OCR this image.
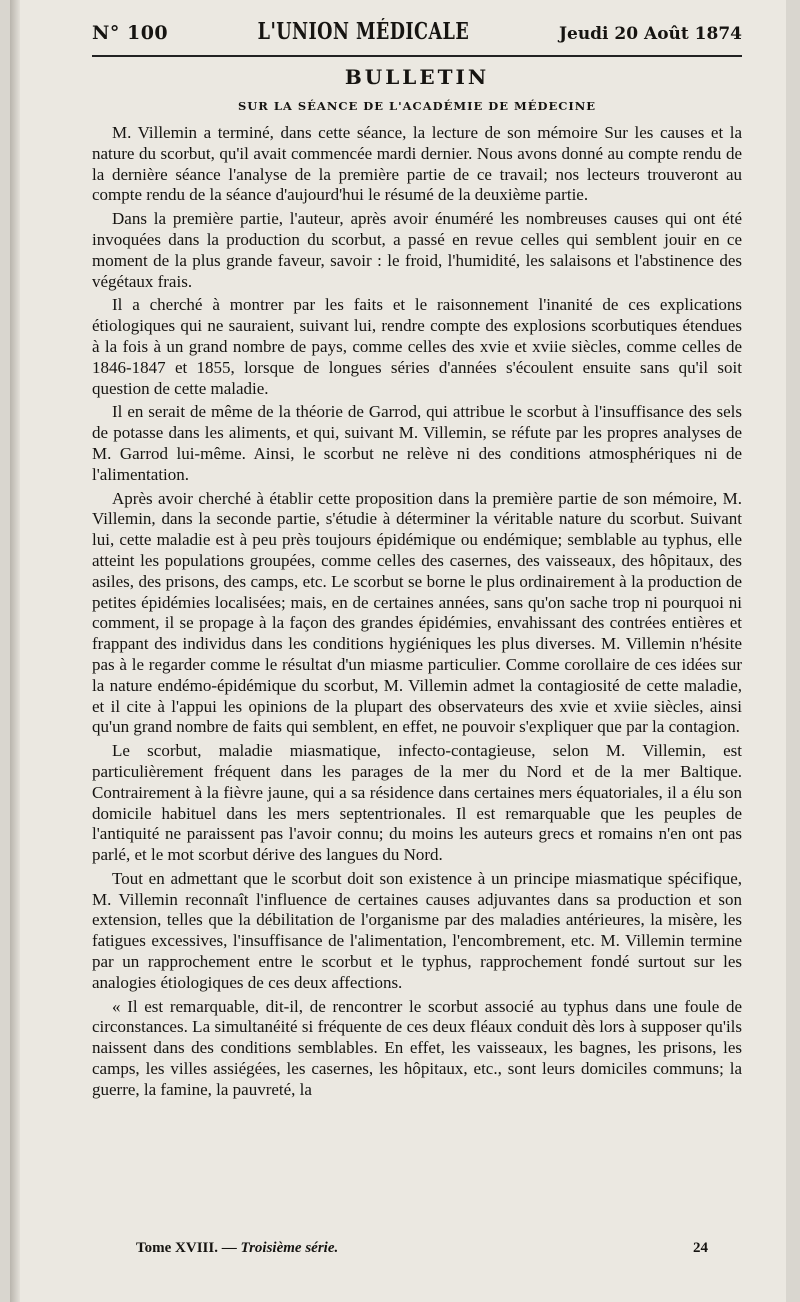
N° 100	L'UNION MÉDICALE	Jeudi 20 Août 1874
BULLETIN
SUR LA SÉANCE DE L'ACADÉMIE DE MÉDECINE

M. Villemin a terminé, dans cette séance, la lecture de son mémoire Sur les causes et la nature du scorbut, qu'il avait commencée mardi dernier. Nous avons donné au compte rendu de la dernière séance l'analyse de la première partie de ce travail; nos lecteurs trouveront au compte rendu de la séance d'aujourd'hui le résumé de la deuxième partie.

Dans la première partie, l'auteur, après avoir énuméré les nombreuses causes qui ont été invoquées dans la production du scorbut, a passé en revue celles qui semblent jouir en ce moment de la plus grande faveur, savoir : le froid, l'humidité, les salaisons et l'abstinence des végétaux frais.

Il a cherché à montrer par les faits et le raisonnement l'inanité de ces explications étiologiques qui ne sauraient, suivant lui, rendre compte des explosions scorbutiques étendues à la fois à un grand nombre de pays, comme celles des xvie et xviie siècles, comme celles de 1846-1847 et 1855, lorsque de longues séries d'années s'écoulent ensuite sans qu'il soit question de cette maladie.

Il en serait de même de la théorie de Garrod, qui attribue le scorbut à l'insuffisance des sels de potasse dans les aliments, et qui, suivant M. Villemin, se réfute par les propres analyses de M. Garrod lui-même. Ainsi, le scorbut ne relève ni des conditions atmosphériques ni de l'alimentation.

Après avoir cherché à établir cette proposition dans la première partie de son mémoire, M. Villemin, dans la seconde partie, s'étudie à déterminer la véritable nature du scorbut. Suivant lui, cette maladie est à peu près toujours épidémique ou endémique; semblable au typhus, elle atteint les populations groupées, comme celles des casernes, des vaisseaux, des hôpitaux, des asiles, des prisons, des camps, etc. Le scorbut se borne le plus ordinairement à la production de petites épidémies localisées; mais, en de certaines années, sans qu'on sache trop ni pourquoi ni comment, il se propage à la façon des grandes épidémies, envahissant des contrées entières et frappant des individus dans les conditions hygiéniques les plus diverses. M. Villemin n'hésite pas à le regarder comme le résultat d'un miasme particulier. Comme corollaire de ces idées sur la nature endémo-épidémique du scorbut, M. Villemin admet la contagiosité de cette maladie, et il cite à l'appui les opinions de la plupart des observateurs des xvie et xviie siècles, ainsi qu'un grand nombre de faits qui semblent, en effet, ne pouvoir s'expliquer que par la contagion.

Le scorbut, maladie miasmatique, infecto-contagieuse, selon M. Villemin, est particulièrement fréquent dans les parages de la mer du Nord et de la mer Baltique. Contrairement à la fièvre jaune, qui a sa résidence dans certaines mers équatoriales, il a élu son domicile habituel dans les mers septentrionales. Il est remarquable que les peuples de l'antiquité ne paraissent pas l'avoir connu; du moins les auteurs grecs et romains n'en ont pas parlé, et le mot scorbut dérive des langues du Nord.

Tout en admettant que le scorbut doit son existence à un principe miasmatique spécifique, M. Villemin reconnaît l'influence de certaines causes adjuvantes dans sa production et son extension, telles que la débilitation de l'organisme par des maladies antérieures, la misère, les fatigues excessives, l'insuffisance de l'alimentation, l'encombrement, etc. M. Villemin termine par un rapprochement entre le scorbut et le typhus, rapprochement fondé surtout sur les analogies étiologiques de ces deux affections.

« Il est remarquable, dit-il, de rencontrer le scorbut associé au typhus dans une foule de circonstances. La simultanéité si fréquente de ces deux fléaux conduit dès lors à supposer qu'ils naissent dans des conditions semblables. En effet, les vaisseaux, les bagnes, les prisons, les camps, les villes assiégées, les casernes, les hôpitaux, etc., sont leurs domiciles communs; la guerre, la famine, la pauvreté, la

Tome XVIII. — Troisième série.	24
